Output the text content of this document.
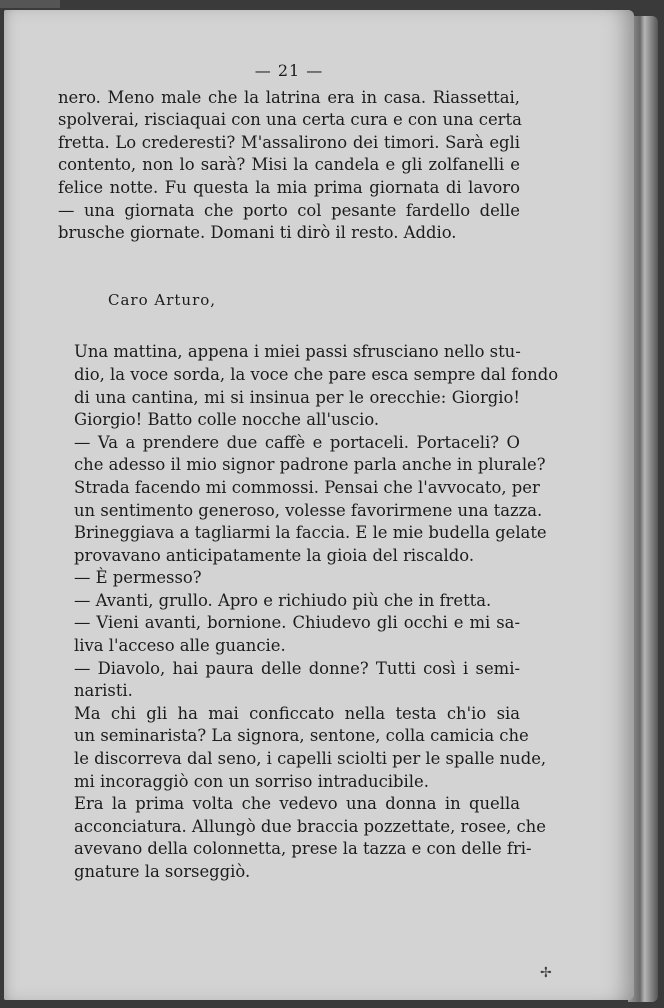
— 21 —
nero. Meno male che la latrina era in casa. Riassettai,
spolverai, risciaquai con una certa cura e con una certa
fretta. Lo crederesti? M'assalirono dei timori. Sarà egli
contento, non lo sarà? Misi la candela e gli zolfanelli e
felice notte. Fu questa la mia prima giornata di lavoro
— una giornata che porto col pesante fardello delle
brusche giornate. Domani ti dirò il resto. Addio.
Caro Arturo,
Una mattina, appena i miei passi sfrusciano nello stu-
dio, la voce sorda, la voce che pare esca sempre dal fondo
di una cantina, mi si insinua per le orecchie: Giorgio!
Giorgio! Batto colle nocche all'uscio.
— Va a prendere due caffè e portaceli. Portaceli? O
che adesso il mio signor padrone parla anche in plurale?
Strada facendo mi commossi. Pensai che l'avvocato, per
un sentimento generoso, volesse favorirmene una tazza.
Brineggiava a tagliarmi la faccia. E le mie budella gelate
provavano anticipatamente la gioia del riscaldo.
— È permesso?
— Avanti, grullo. Apro e richiudo più che in fretta.
— Vieni avanti, bornione. Chiudevo gli occhi e mi sa-
liva l'acceso alle guancie.
— Diavolo, hai paura delle donne? Tutti così i semi-
naristi.
Ma chi gli ha mai conficcato nella testa ch'io sia
un seminarista? La signora, sentone, colla camicia che
le discorreva dal seno, i capelli sciolti per le spalle nude,
mi incoraggiò con un sorriso intraducibile.
Era la prima volta che vedevo una donna in quella
acconciatura. Allungò due braccia pozzettate, rosee, che
avevano della colonnetta, prese la tazza e con delle fri-
gnature la sorseggiò.
✢
